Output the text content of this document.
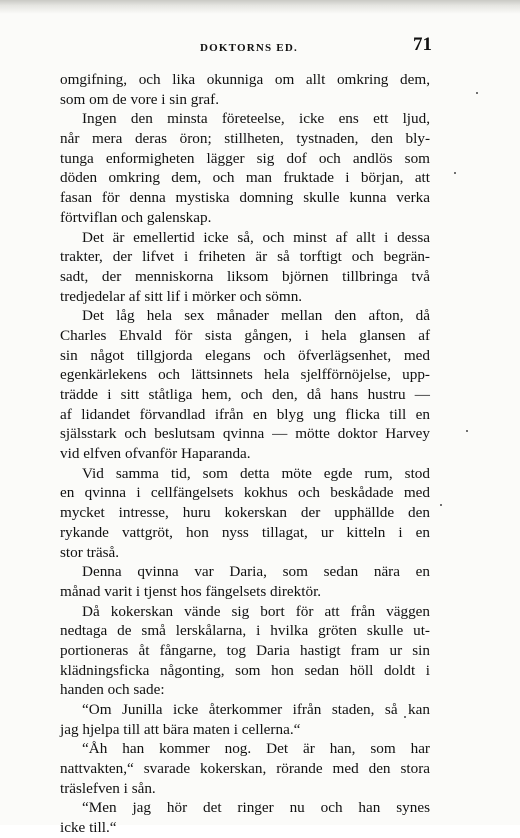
DOKTORNS ED.	71
omgifning, och lika okunniga om allt omkring dem,
som om de vore i sin graf.
Ingen den minsta företeelse, icke ens ett ljud,
når mera deras öron; stillheten, tystnaden, den bly-
tunga enformigheten lägger sig dof och andlös som
döden omkring dem, och man fruktade i början, att
fasan för denna mystiska domning skulle kunna verka
förtviflan och galenskap.
Det är emellertid icke så, och minst af allt i dessa
trakter, der lifvet i friheten är så torftigt och begrän-
sadt, der menniskorna liksom björnen tillbringa två
tredjedelar af sitt lif i mörker och sömn.
Det låg hela sex månader mellan den afton, då
Charles Ehvald för sista gången, i hela glansen af
sin något tillgjorda elegans och öfverlägsenhet, med
egenkärlekens och lättsinnets hela sjelfförnöjelse, upp-
trädde i sitt ståtliga hem, och den, då hans hustru —
af lidandet förvandlad ifrån en blyg ung flicka till en
själsstark och beslutsam qvinna — mötte doktor Harvey
vid elfven ofvanför Haparanda.
Vid samma tid, som detta möte egde rum, stod
en qvinna i cellfängelsets kokhus och beskådade med
mycket intresse, huru kokerskan der upphällde den
rykande vattgröt, hon nyss tillagat, ur kitteln i en
stor träså.
Denna qvinna var Daria, som sedan nära en
månad varit i tjenst hos fängelsets direktör.
Då kokerskan vände sig bort för att från väggen
nedtaga de små lerskålarna, i hvilka gröten skulle ut-
portioneras åt fångarne, tog Daria hastigt fram ur sin
klädningsficka någonting, som hon sedan höll doldt i
handen och sade:
“Om Junilla icke återkommer ifrån staden, så kan
jag hjelpa till att bära maten i cellerna.“
“Åh han kommer nog. Det är han, som har
nattvakten,“ svarade kokerskan, rörande med den stora
träslefven i sån.
“Men jag hör det ringer nu och han synes
icke till.“
